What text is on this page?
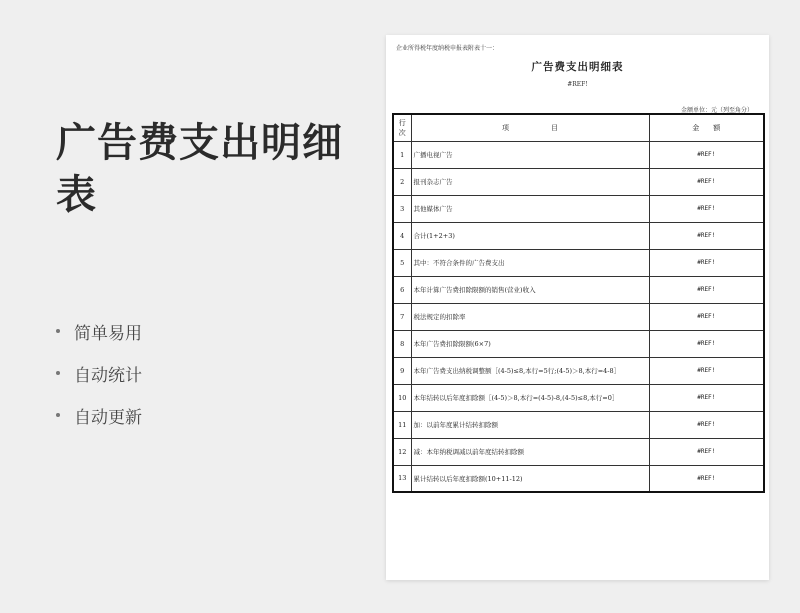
广告费支出明细表
简单易用
自动统计
自动更新
企业所得税年度纳税申报表附表十一：
广告费支出明细表
#REF!
金额单位：元（列至角分）
行次	项　　　　　　目	金　　额
1	广播电视广告	#REF!
2	报刊杂志广告	#REF!
3	其他媒体广告	#REF!
4	合计(1+2+3)	#REF!
5	其中：不符合条件的广告费支出	#REF!
6	本年计算广告费扣除限额的销售(营业)收入	#REF!
7	税法规定的扣除率	#REF!
8	本年广告费扣除限额(6×7)	#REF!
9	本年广告费支出纳税调整额［(4-5)≤8,本行=5行;(4-5)＞8,本行=4-8］	#REF!
10	本年结转以后年度扣除额［(4-5)＞8,本行=(4-5)-8,(4-5)≤8,本行=0］	#REF!
11	加：以前年度累计结转扣除额	#REF!
12	减：本年纳税调减以前年度结转扣除额	#REF!
13	累计结转以后年度扣除额(10+11-12)	#REF!
